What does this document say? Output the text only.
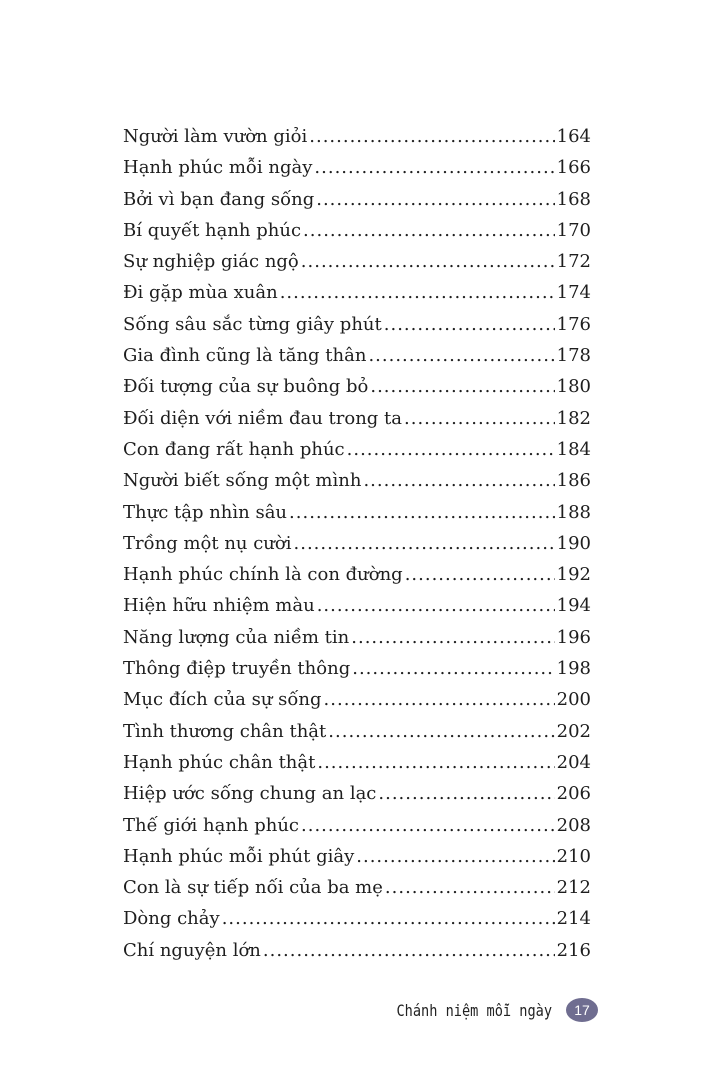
Người làm vườn giỏi .....	164
Hạnh phúc mỗi ngày .....	166
Bởi vì bạn đang sống .....	168
Bí quyết hạnh phúc .....	170
Sự nghiệp giác ngộ .....	172
Đi gặp mùa xuân .....	174
Sống sâu sắc từng giây phút .....	176
Gia đình cũng là tăng thân .....	178
Đối tượng của sự buông bỏ .....	180
Đối diện với niềm đau trong ta .....	182
Con đang rất hạnh phúc .....	184
Người biết sống một mình .....	186
Thực tập nhìn sâu .....	188
Trồng một nụ cười .....	190
Hạnh phúc chính là con đường .....	192
Hiện hữu nhiệm màu .....	194
Năng lượng của niềm tin .....	196
Thông điệp truyền thông .....	198
Mục đích của sự sống .....	200
Tình thương chân thật .....	202
Hạnh phúc chân thật .....	204
Hiệp ước sống chung an lạc .....	206
Thế giới hạnh phúc .....	208
Hạnh phúc mỗi phút giây .....	210
Con là sự tiếp nối của ba mẹ .....	212
Dòng chảy .....	214
Chí nguyện lớn .....	216
Chánh niệm mỗi ngày	17
